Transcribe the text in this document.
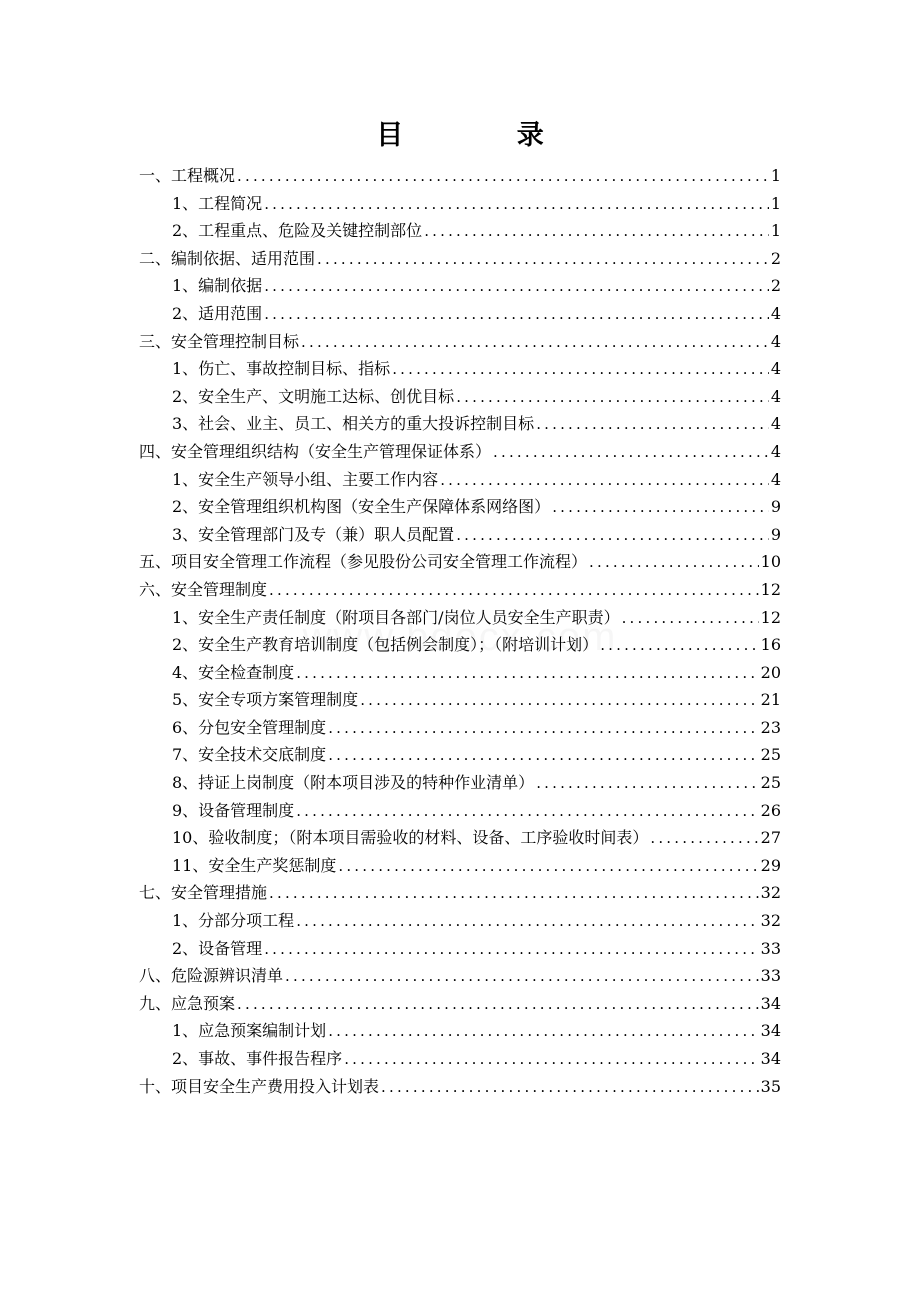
目 录
一、工程概况 .....	1
1、工程简况 .....	1
2、工程重点、危险及关键控制部位 .....	1
二、编制依据、适用范围 .....	2
1、编制依据 .....	2
2、适用范围 .....	4
三、安全管理控制目标 .....	4
1、伤亡、事故控制目标、指标 .....	4
2、安全生产、文明施工达标、创优目标 .....	4
3、社会、业主、员工、相关方的重大投诉控制目标 .....	4
四、安全管理组织结构（安全生产管理保证体系） .....	4
1、安全生产领导小组、主要工作内容 .....	4
2、安全管理组织机构图（安全生产保障体系网络图） .....	9
3、安全管理部门及专（兼）职人员配置 .....	9
五、项目安全管理工作流程（参见股份公司安全管理工作流程） .....	10
六、安全管理制度 .....	12
1、安全生产责任制度（附项目各部门/岗位人员安全生产职责） .....	12
2、安全生产教育培训制度（包括例会制度）；（附培训计划） .....	16
4、安全检查制度 .....	20
5、安全专项方案管理制度 .....	21
6、分包安全管理制度 .....	23
7、安全技术交底制度 .....	25
8、持证上岗制度（附本项目涉及的特种作业清单） .....	25
9、设备管理制度 .....	26
10、验收制度；（附本项目需验收的材料、设备、工序验收时间表） .....	27
11、安全生产奖惩制度 .....	29
七、安全管理措施 .....	32
1、分部分项工程 .....	32
2、设备管理 .....	33
八、危险源辨识清单 .....	33
九、应急预案 .....	34
1、应急预案编制计划 .....	34
2、事故、事件报告程序 .....	34
十、项目安全生产费用投入计划表 .....	35
